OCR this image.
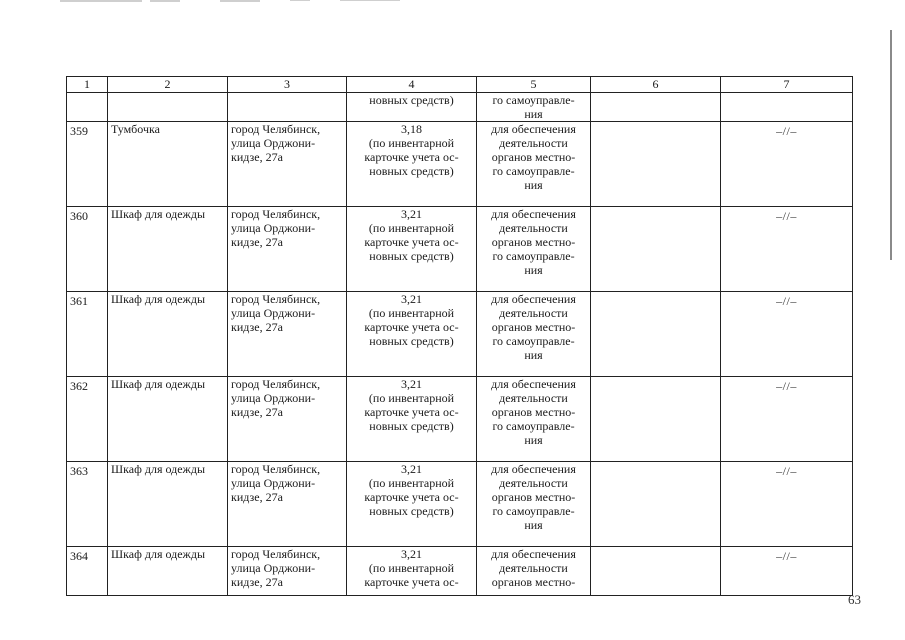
1	2	3	4	5	6	7

			новных средств)	го самоуправле-
ния		

359	Тумбочка	город Челябинск,
улица Орджони-
кидзе, 27а	3,18
(по инвентарной
карточке учета ос-
новных средств)	для обеспечения
деятельности
органов местно-
го самоуправле-
ния		–//–

360	Шкаф для одежды	город Челябинск,
улица Орджони-
кидзе, 27а	3,21
(по инвентарной
карточке учета ос-
новных средств)	для обеспечения
деятельности
органов местно-
го самоуправле-
ния		–//–

361	Шкаф для одежды	город Челябинск,
улица Орджони-
кидзе, 27а	3,21
(по инвентарной
карточке учета ос-
новных средств)	для обеспечения
деятельности
органов местно-
го самоуправле-
ния		–//–

362	Шкаф для одежды	город Челябинск,
улица Орджони-
кидзе, 27а	3,21
(по инвентарной
карточке учета ос-
новных средств)	для обеспечения
деятельности
органов местно-
го самоуправле-
ния		–//–

363	Шкаф для одежды	город Челябинск,
улица Орджони-
кидзе, 27а	3,21
(по инвентарной
карточке учета ос-
новных средств)	для обеспечения
деятельности
органов местно-
го самоуправле-
ния		–//–

364	Шкаф для одежды	город Челябинск,
улица Орджони-
кидзе, 27а	3,21
(по инвентарной
карточке учета ос-	для обеспечения
деятельности
органов местно-		–//–
63
